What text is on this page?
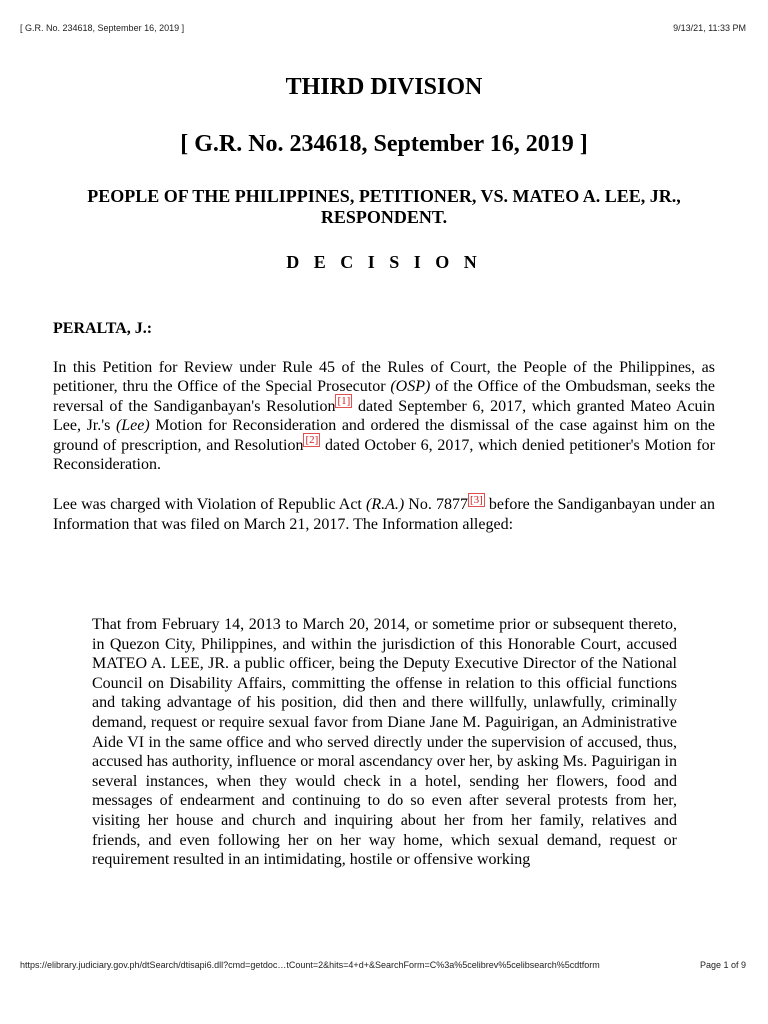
[ G.R. No. 234618, September 16, 2019 ]	9/13/21, 11:33 PM
THIRD DIVISION
[ G.R. No. 234618, September 16, 2019 ]
PEOPLE OF THE PHILIPPINES, PETITIONER, VS. MATEO A. LEE, JR., RESPONDENT.
D E C I S I O N
PERALTA, J.:

In this Petition for Review under Rule 45 of the Rules of Court, the People of the Philippines, as petitioner, thru the Office of the Special Prosecutor (OSP) of the Office of the Ombudsman, seeks the reversal of the Sandiganbayan's Resolution [1] dated September 6, 2017, which granted Mateo Acuin Lee, Jr.'s (Lee) Motion for Reconsideration and ordered the dismissal of the case against him on the ground of prescription, and Resolution [2] dated October 6, 2017, which denied petitioner's Motion for Reconsideration.

Lee was charged with Violation of Republic Act (R.A.) No. 7877 [3] before the Sandiganbayan under an Information that was filed on March 21, 2017. The Information alleged:

That from February 14, 2013 to March 20, 2014, or sometime prior or subsequent thereto, in Quezon City, Philippines, and within the jurisdiction of this Honorable Court, accused MATEO A. LEE, JR. a public officer, being the Deputy Executive Director of the National Council on Disability Affairs, committing the offense in relation to this official functions and taking advantage of his position, did then and there willfully, unlawfully, criminally demand, request or require sexual favor from Diane Jane M. Paguirigan, an Administrative Aide VI in the same office and who served directly under the supervision of accused, thus, accused has authority, influence or moral ascendancy over her, by asking Ms. Paguirigan in several instances, when they would check in a hotel, sending her flowers, food and messages of endearment and continuing to do so even after several protests from her, visiting her house and church and inquiring about her from her family, relatives and friends, and even following her on her way home, which sexual demand, request or requirement resulted in an intimidating, hostile or offensive working

https://elibrary.judiciary.gov.ph/dtSearch/dtisapi6.dll?cmd=getdoc…tCount=2&hits=4+d+&SearchForm=C%3a%5celibrev%5celibsearch%5cdtform	Page 1 of 9
